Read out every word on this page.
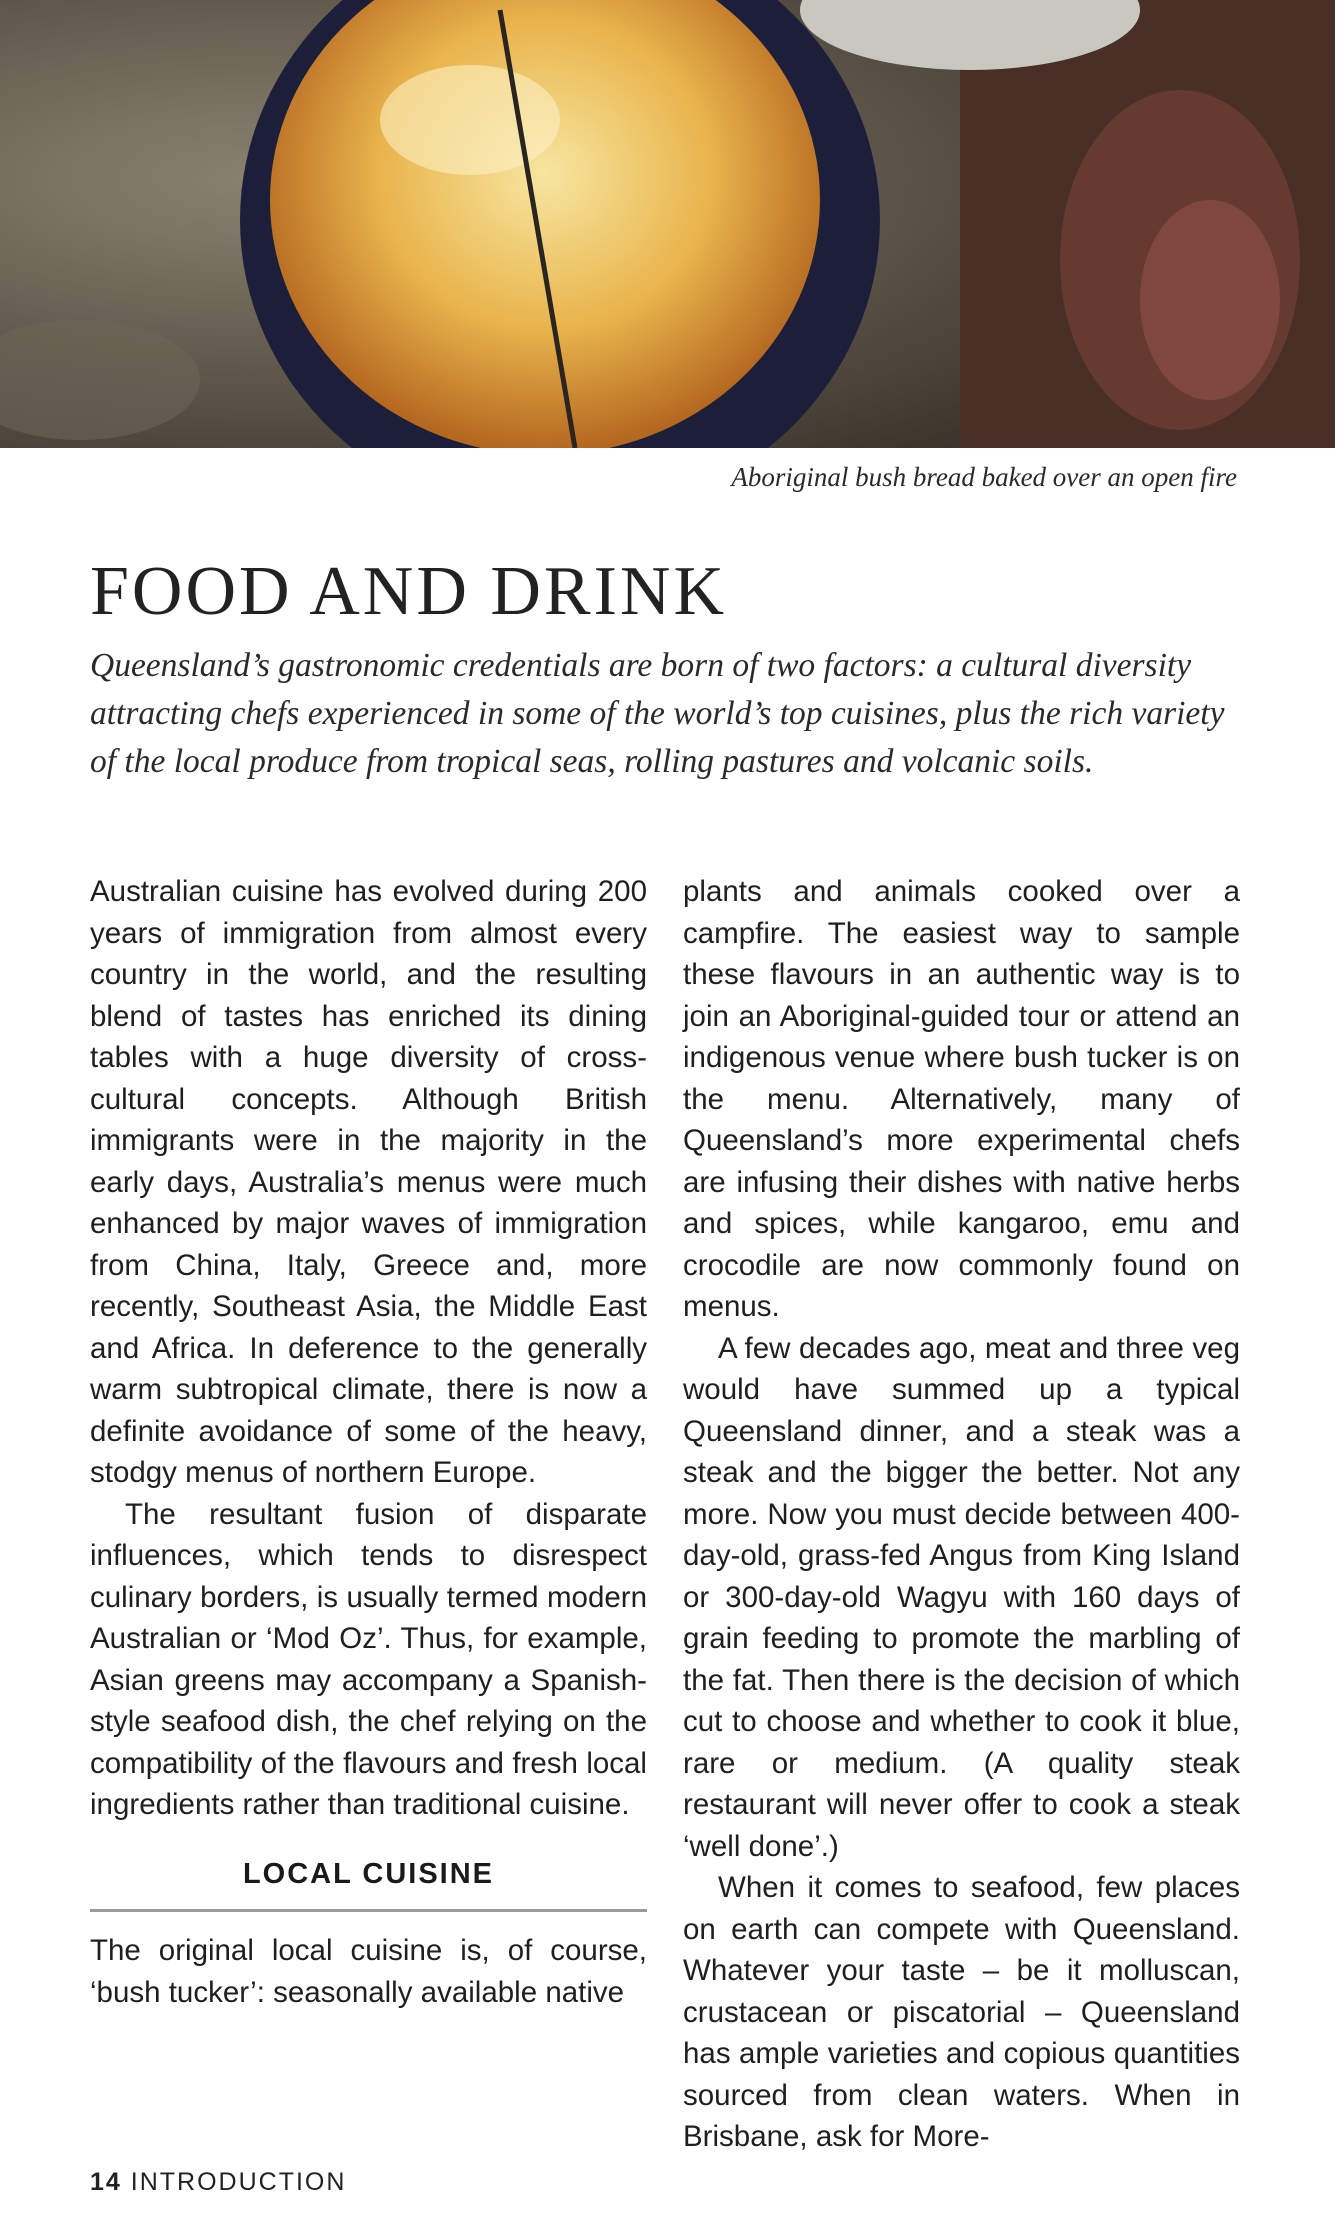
Aboriginal bush bread baked over an open fire
FOOD AND DRINK

Queensland’s gastronomic credentials are born of two factors: a cultural diversity attracting chefs experienced in some of the world’s top cuisines, plus the rich variety of the local produce from tropical seas, rolling pastures and volcanic soils.

Australian cuisine has evolved during 200 years of immigration from almost every country in the world, and the resulting blend of tastes has enriched its dining tables with a huge diversity of cross-cultural concepts. Although British immigrants were in the majority in the early days, Australia’s menus were much enhanced by major waves of immigration from China, Italy, Greece and, more recently, Southeast Asia, the Middle East and Africa. In deference to the generally warm subtropical climate, there is now a definite avoidance of some of the heavy, stodgy menus of northern Europe.

The resultant fusion of disparate influences, which tends to disrespect culinary borders, is usually termed modern Australian or ‘Mod Oz’. Thus, for example, Asian greens may accompany a Spanish-style seafood dish, the chef relying on the compatibility of the flavours and fresh local ingredients rather than traditional cuisine.

LOCAL CUISINE

The original local cuisine is, of course, ‘bush tucker’: seasonally available native

plants and animals cooked over a campfire. The easiest way to sample these flavours in an authentic way is to join an Aboriginal-guided tour or attend an indigenous venue where bush tucker is on the menu. Alternatively, many of Queensland’s more experimental chefs are infusing their dishes with native herbs and spices, while kangaroo, emu and crocodile are now commonly found on menus.

A few decades ago, meat and three veg would have summed up a typical Queensland dinner, and a steak was a steak and the bigger the better. Not any more. Now you must decide between 400-day-old, grass-fed Angus from King Island or 300-day-old Wagyu with 160 days of grain feeding to promote the marbling of the fat. Then there is the decision of which cut to choose and whether to cook it blue, rare or medium. (A quality steak restaurant will never offer to cook a steak ‘well done’.)

When it comes to seafood, few places on earth can compete with Queensland. Whatever your taste – be it molluscan, crustacean or piscatorial – Queensland has ample varieties and copious quantities sourced from clean waters. When in Brisbane, ask for More-

14 INTRODUCTION
